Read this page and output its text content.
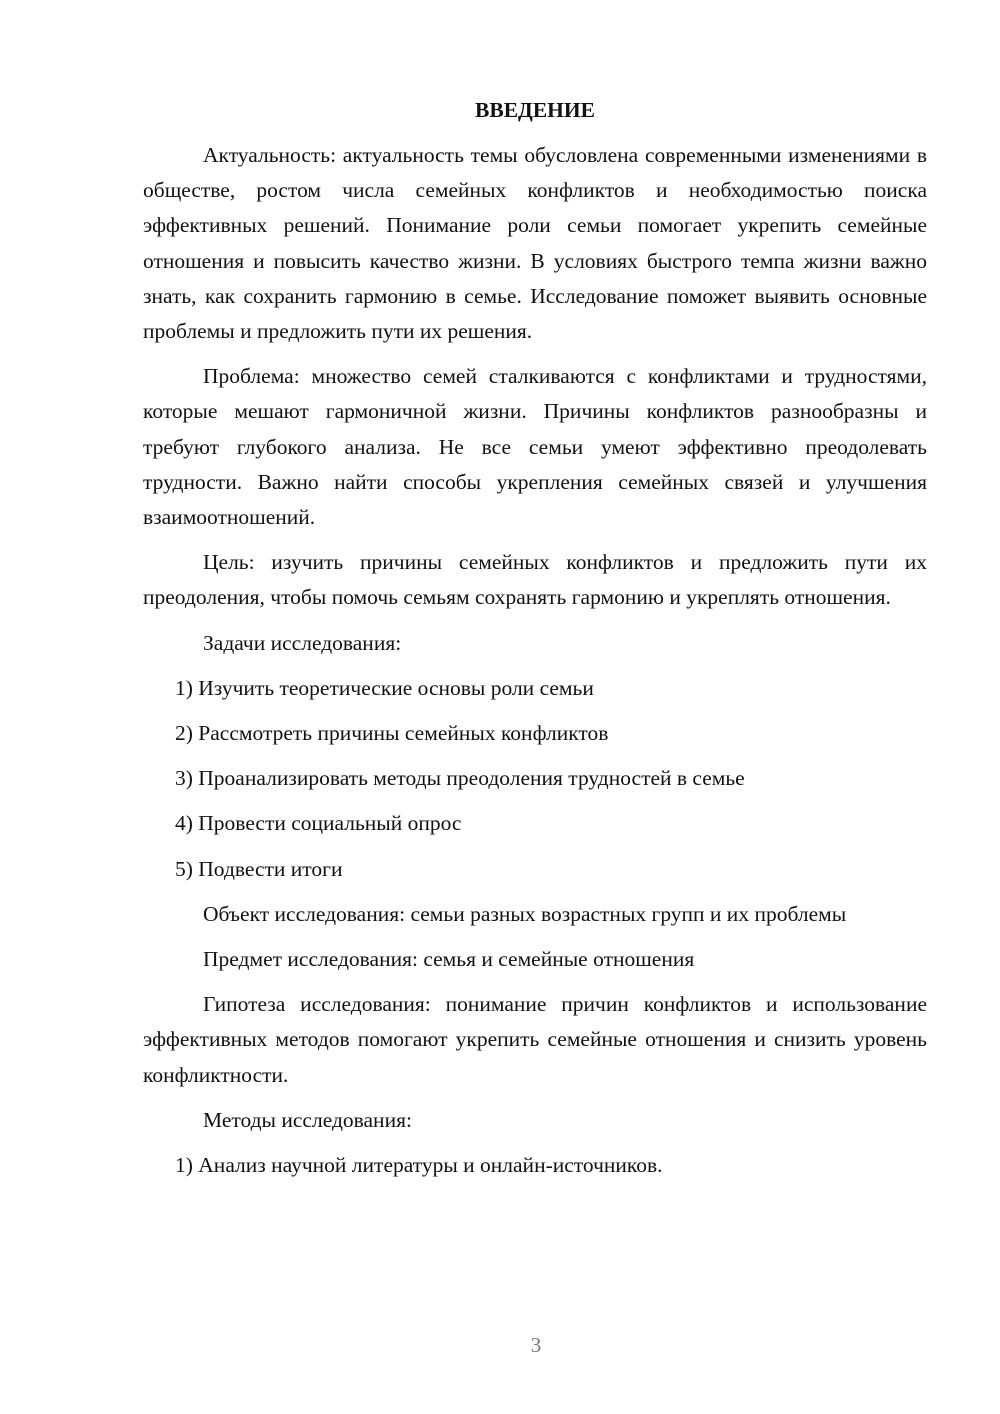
ВВЕДЕНИЕ

Актуальность: актуальность темы обусловлена современными изменениями в обществе, ростом числа семейных конфликтов и необходимостью поиска эффективных решений. Понимание роли семьи помогает укрепить семейные отношения и повысить качество жизни. В условиях быстрого темпа жизни важно знать, как сохранить гармонию в семье. Исследование поможет выявить основные проблемы и предложить пути их решения.

Проблема: множество семей сталкиваются с конфликтами и трудностями, которые мешают гармоничной жизни. Причины конфликтов разнообразны и требуют глубокого анализа. Не все семьи умеют эффективно преодолевать трудности. Важно найти способы укрепления семейных связей и улучшения взаимоотношений.

Цель: изучить причины семейных конфликтов и предложить пути их преодоления, чтобы помочь семьям сохранять гармонию и укреплять отношения.

Задачи исследования:

1) Изучить теоретические основы роли семьи

2) Рассмотреть причины семейных конфликтов

3) Проанализировать методы преодоления трудностей в семье

4) Провести социальный опрос

5) Подвести итоги

Объект исследования: семьи разных возрастных групп и их проблемы

Предмет исследования: семья и семейные отношения

Гипотеза исследования: понимание причин конфликтов и использование эффективных методов помогают укрепить семейные отношения и снизить уровень конфликтности.

Методы исследования:

1) Анализ научной литературы и онлайн-источников.

3
